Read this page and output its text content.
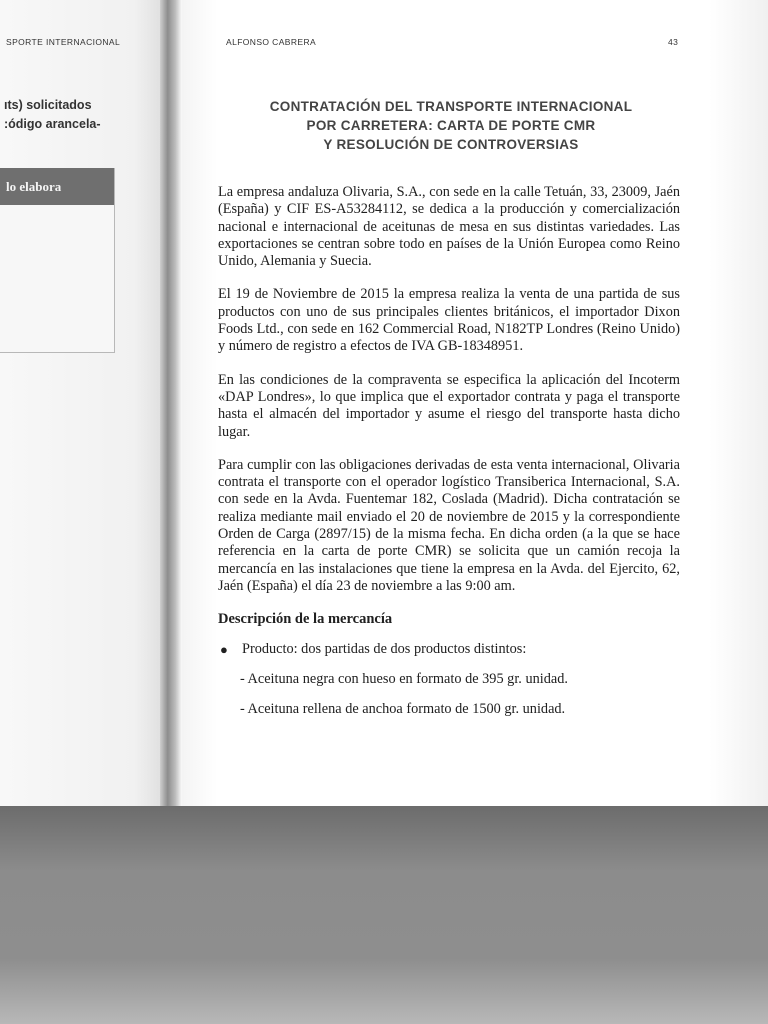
SPORTE INTERNACIONAL
ıts) solicitados
:ódigo arancela-
lo elabora
ALFONSO CABRERA	43
CONTRATACIÓN DEL TRANSPORTE INTERNACIONAL
POR CARRETERA: CARTA DE PORTE CMR
Y RESOLUCIÓN DE CONTROVERSIAS

La empresa andaluza Olivaria, S.A., con sede en la calle Tetuán, 33, 23009, Jaén (España) y CIF ES-A53284112, se dedica a la producción y comercialización nacional e internacional de aceitunas de mesa en sus distintas variedades. Las exportaciones se centran sobre todo en países de la Unión Europea como Reino Unido, Alemania y Suecia.

El 19 de Noviembre de 2015 la empresa realiza la venta de una partida de sus productos con uno de sus principales clientes británicos, el importador Dixon Foods Ltd., con sede en 162 Commercial Road, N182TP Londres (Reino Unido) y número de registro a efectos de IVA GB-18348951.

En las condiciones de la compraventa se especifica la aplicación del Incoterm «DAP Londres», lo que implica que el exportador contrata y paga el transporte hasta el almacén del importador y asume el riesgo del transporte hasta dicho lugar.

Para cumplir con las obligaciones derivadas de esta venta internacional, Olivaria contrata el transporte con el operador logístico Transiberica Internacional, S.A. con sede en la Avda. Fuentemar 182, Coslada (Madrid). Dicha contratación se realiza mediante mail enviado el 20 de noviembre de 2015 y la correspondiente Orden de Carga (2897/15) de la misma fecha. En dicha orden (a la que se hace referencia en la carta de porte CMR) se solicita que un camión recoja la mercancía en las instalaciones que tiene la empresa en la Avda. del Ejercito, 62, Jaén (España) el día 23 de noviembre a las 9:00 am.

Descripción de la mercancía
● Producto: dos partidas de dos productos distintos:
- Aceituna negra con hueso en formato de 395 gr. unidad.
- Aceituna rellena de anchoa formato de 1500 gr. unidad.
